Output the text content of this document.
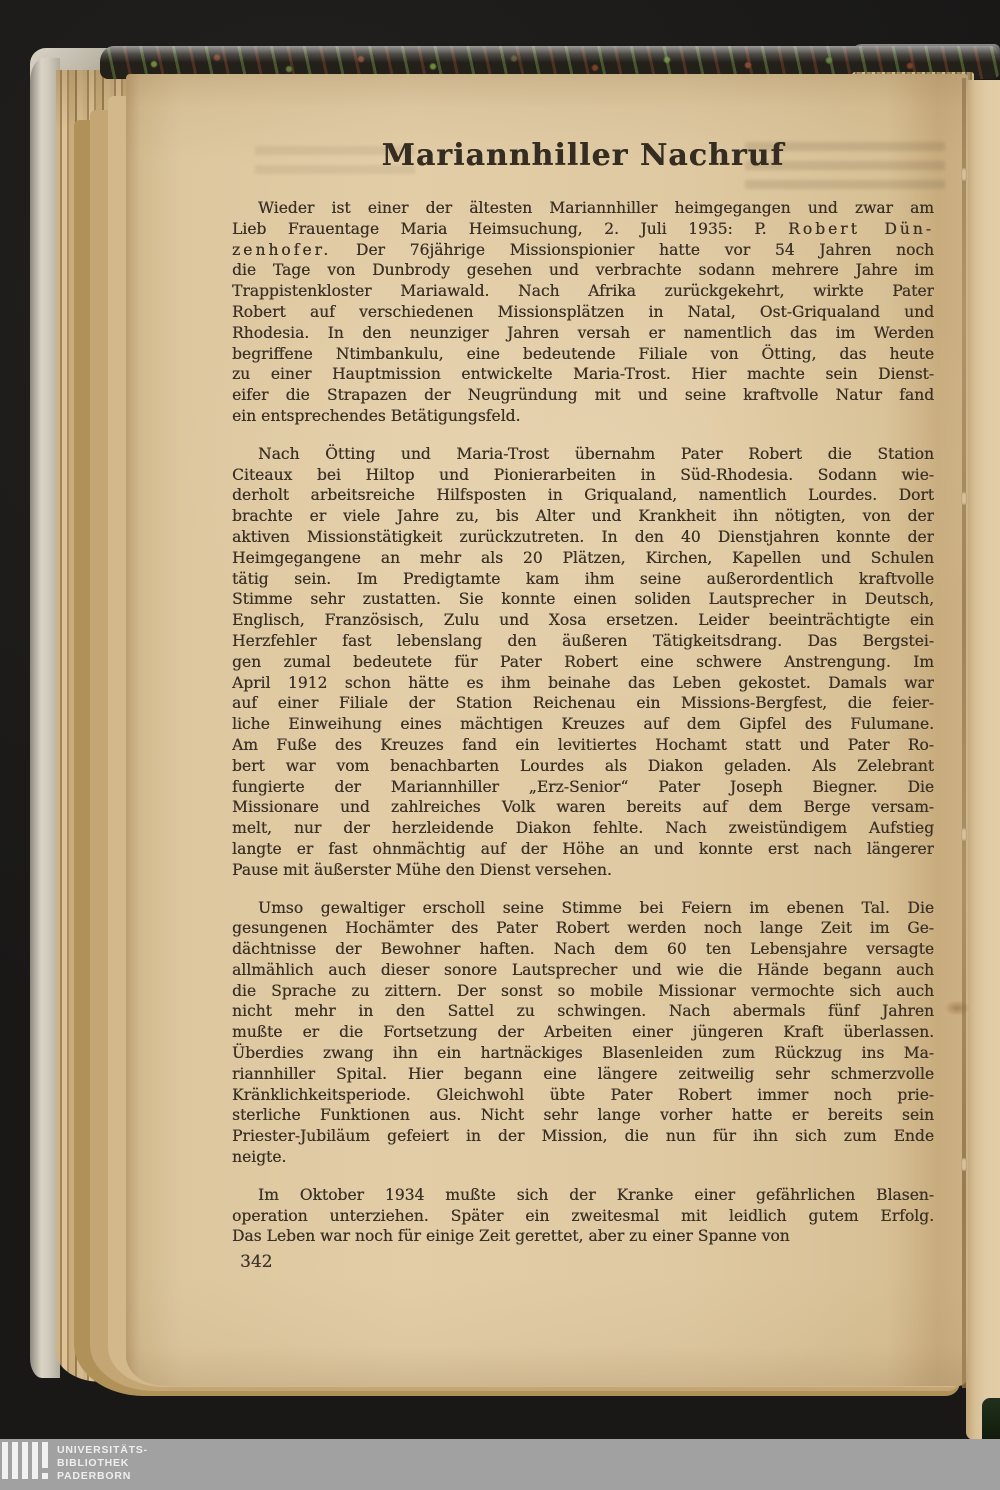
Mariannhiller Nachruf
Wieder ist einer der ältesten Mariannhiller heimgegangen und zwar am
Lieb Frauentage Maria Heimsuchung, 2. Juli 1935: P. Robert Dün-
zenhofer. Der 76jährige Missionspionier hatte vor 54 Jahren noch
die Tage von Dunbrody gesehen und verbrachte sodann mehrere Jahre im
Trappistenkloster Mariawald. Nach Afrika zurückgekehrt, wirkte Pater
Robert auf verschiedenen Missionsplätzen in Natal, Ost-Griqualand und
Rhodesia. In den neunziger Jahren versah er namentlich das im Werden
begriffene Ntimbankulu, eine bedeutende Filiale von Ötting, das heute
zu einer Hauptmission entwickelte Maria-Trost. Hier machte sein Dienst-
eifer die Strapazen der Neugründung mit und seine kraftvolle Natur fand
ein entsprechendes Betätigungsfeld.
Nach Ötting und Maria-Trost übernahm Pater Robert die Station
Citeaux bei Hiltop und Pionierarbeiten in Süd-Rhodesia. Sodann wie-
derholt arbeitsreiche Hilfsposten in Griqualand, namentlich Lourdes. Dort
brachte er viele Jahre zu, bis Alter und Krankheit ihn nötigten, von der
aktiven Missionstätigkeit zurückzutreten. In den 40 Dienstjahren konnte der
Heimgegangene an mehr als 20 Plätzen, Kirchen, Kapellen und Schulen
tätig sein. Im Predigtamte kam ihm seine außerordentlich kraftvolle
Stimme sehr zustatten. Sie konnte einen soliden Lautsprecher in Deutsch,
Englisch, Französisch, Zulu und Xosa ersetzen. Leider beeinträchtigte ein
Herzfehler fast lebenslang den äußeren Tätigkeitsdrang. Das Bergstei-
gen zumal bedeutete für Pater Robert eine schwere Anstrengung. Im
April 1912 schon hätte es ihm beinahe das Leben gekostet. Damals war
auf einer Filiale der Station Reichenau ein Missions-Bergfest, die feier-
liche Einweihung eines mächtigen Kreuzes auf dem Gipfel des Fulumane.
Am Fuße des Kreuzes fand ein levitiertes Hochamt statt und Pater Ro-
bert war vom benachbarten Lourdes als Diakon geladen. Als Zelebrant
fungierte der Mariannhiller „Erz-Senior“ Pater Joseph Biegner. Die
Missionare und zahlreiches Volk waren bereits auf dem Berge versam-
melt, nur der herzleidende Diakon fehlte. Nach zweistündigem Aufstieg
langte er fast ohnmächtig auf der Höhe an und konnte erst nach längerer
Pause mit äußerster Mühe den Dienst versehen.
Umso gewaltiger erscholl seine Stimme bei Feiern im ebenen Tal. Die
gesungenen Hochämter des Pater Robert werden noch lange Zeit im Ge-
dächtnisse der Bewohner haften. Nach dem 60 ten Lebensjahre versagte
allmählich auch dieser sonore Lautsprecher und wie die Hände begann auch
die Sprache zu zittern. Der sonst so mobile Missionar vermochte sich auch
nicht mehr in den Sattel zu schwingen. Nach abermals fünf Jahren
mußte er die Fortsetzung der Arbeiten einer jüngeren Kraft überlassen.
Überdies zwang ihn ein hartnäckiges Blasenleiden zum Rückzug ins Ma-
riannhiller Spital. Hier begann eine längere zeitweilig sehr schmerzvolle
Kränklichkeitsperiode. Gleichwohl übte Pater Robert immer noch prie-
sterliche Funktionen aus. Nicht sehr lange vorher hatte er bereits sein
Priester-Jubiläum gefeiert in der Mission, die nun für ihn sich zum Ende
neigte.
Im Oktober 1934 mußte sich der Kranke einer gefährlichen Blasen-
operation unterziehen. Später ein zweitesmal mit leidlich gutem Erfolg.
Das Leben war noch für einige Zeit gerettet, aber zu einer Spanne von
342
UNIVERSITÄTS-
BIBLIOTHEK
PADERBORN
